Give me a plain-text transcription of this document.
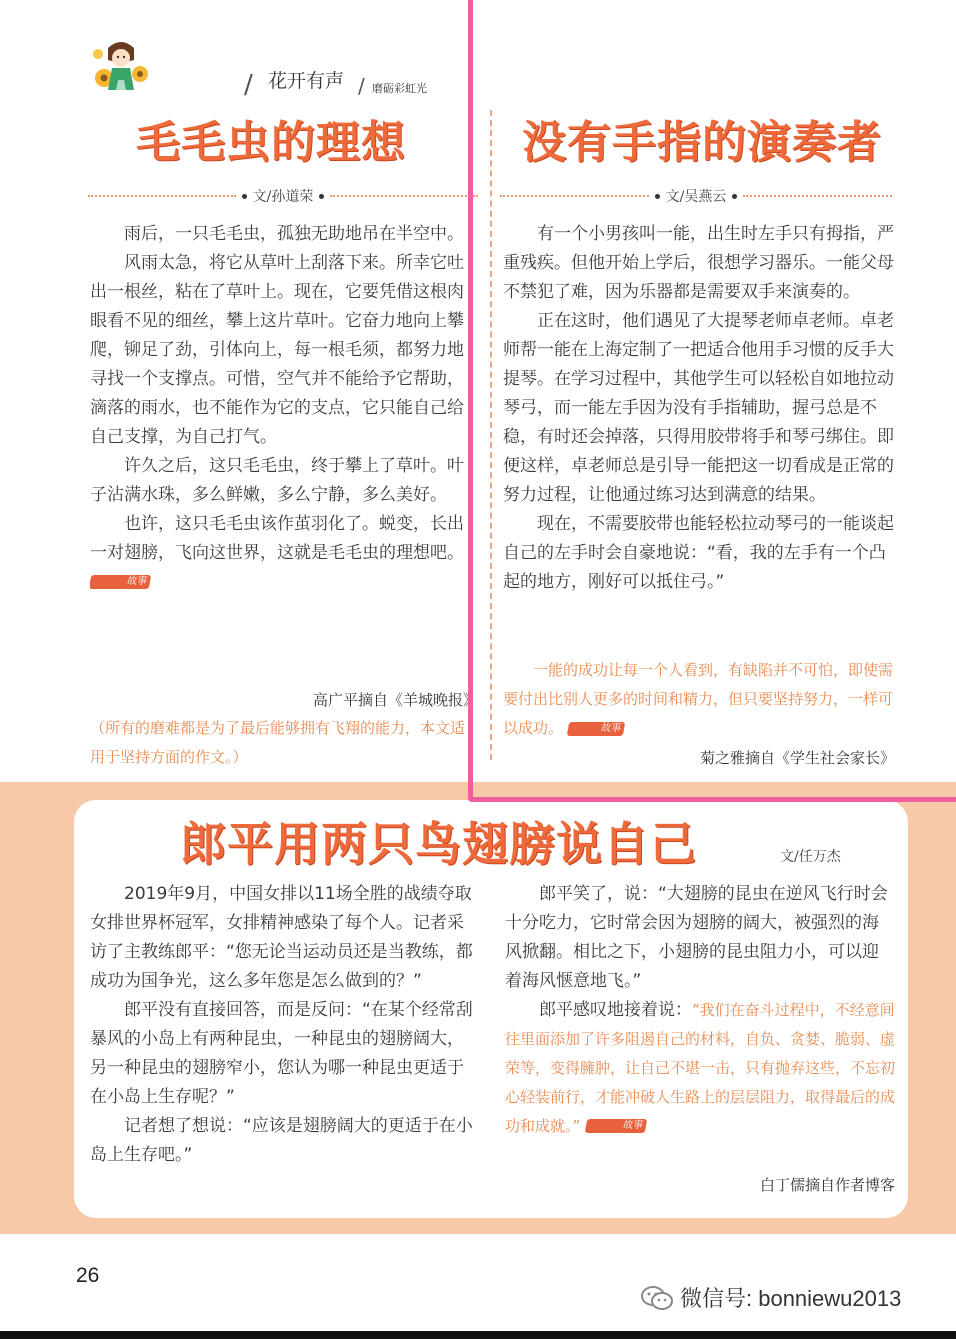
/ 花开有声 / 磨砺彩虹光
毛毛虫的理想
文/孙道荣

雨后，一只毛毛虫，孤独无助地吊在半空中。

风雨太急，将它从草叶上刮落下来。所幸它吐出一根丝，粘在了草叶上。现在，它要凭借这根肉眼看不见的细丝，攀上这片草叶。它奋力地向上攀爬，铆足了劲，引体向上，每一根毛须，都努力地寻找一个支撑点。可惜，空气并不能给予它帮助，滴落的雨水，也不能作为它的支点，它只能自己给自己支撑，为自己打气。

许久之后，这只毛毛虫，终于攀上了草叶。叶子沾满水珠，多么鲜嫩，多么宁静，多么美好。

也许，这只毛毛虫该作茧羽化了。蜕变，长出一对翅膀，飞向这世界，这就是毛毛虫的理想吧。 故事

高广平摘自《羊城晚报》
（所有的磨难都是为了最后能够拥有飞翔的能力，本文适用于坚持方面的作文。）
没有手指的演奏者
文/吴燕云

有一个小男孩叫一能，出生时左手只有拇指，严重残疾。但他开始上学后，很想学习器乐。一能父母不禁犯了难，因为乐器都是需要双手来演奏的。

正在这时，他们遇见了大提琴老师卓老师。卓老师帮一能在上海定制了一把适合他用手习惯的反手大提琴。在学习过程中，其他学生可以轻松自如地拉动琴弓，而一能左手因为没有手指辅助，握弓总是不稳，有时还会掉落，只得用胶带将手和琴弓绑住。即便这样，卓老师总是引导一能把这一切看成是正常的努力过程，让他通过练习达到满意的结果。

现在，不需要胶带也能轻松拉动琴弓的一能谈起自己的左手时会自豪地说：“看，我的左手有一个凸起的地方，刚好可以抵住弓。”

一能的成功让每一个人看到，有缺陷并不可怕，即使需要付出比别人更多的时间和精力，但只要坚持努力，一样可以成功。	故事
菊之雅摘自《学生社会家长》
郎平用两只鸟翅膀说自己	文/任万杰

2019年9月，中国女排以11场全胜的战绩夺取女排世界杯冠军，女排精神感染了每个人。记者采访了主教练郎平：“您无论当运动员还是当教练，都成功为国争光，这么多年您是怎么做到的？”

郎平没有直接回答，而是反问：“在某个经常刮暴风的小岛上有两种昆虫，一种昆虫的翅膀阔大，另一种昆虫的翅膀窄小，您认为哪一种昆虫更适于在小岛上生存呢？”

记者想了想说：“应该是翅膀阔大的更适于在小岛上生存吧。”

郎平笑了，说：“大翅膀的昆虫在逆风飞行时会十分吃力，它时常会因为翅膀的阔大，被强烈的海风掀翻。相比之下，小翅膀的昆虫阻力小，可以迎着海风惬意地飞。”

郎平感叹地接着说：“我们在奋斗过程中，不经意间往里面添加了许多阻遏自己的材料，自负、贪婪、脆弱、虚荣等，变得臃肿，让自己不堪一击，只有抛弃这些，不忘初心轻装前行，才能冲破人生路上的层层阻力，取得最后的成功和成就。”	故事

白丁儒摘自作者博客
26
微信号: bonniewu2013
